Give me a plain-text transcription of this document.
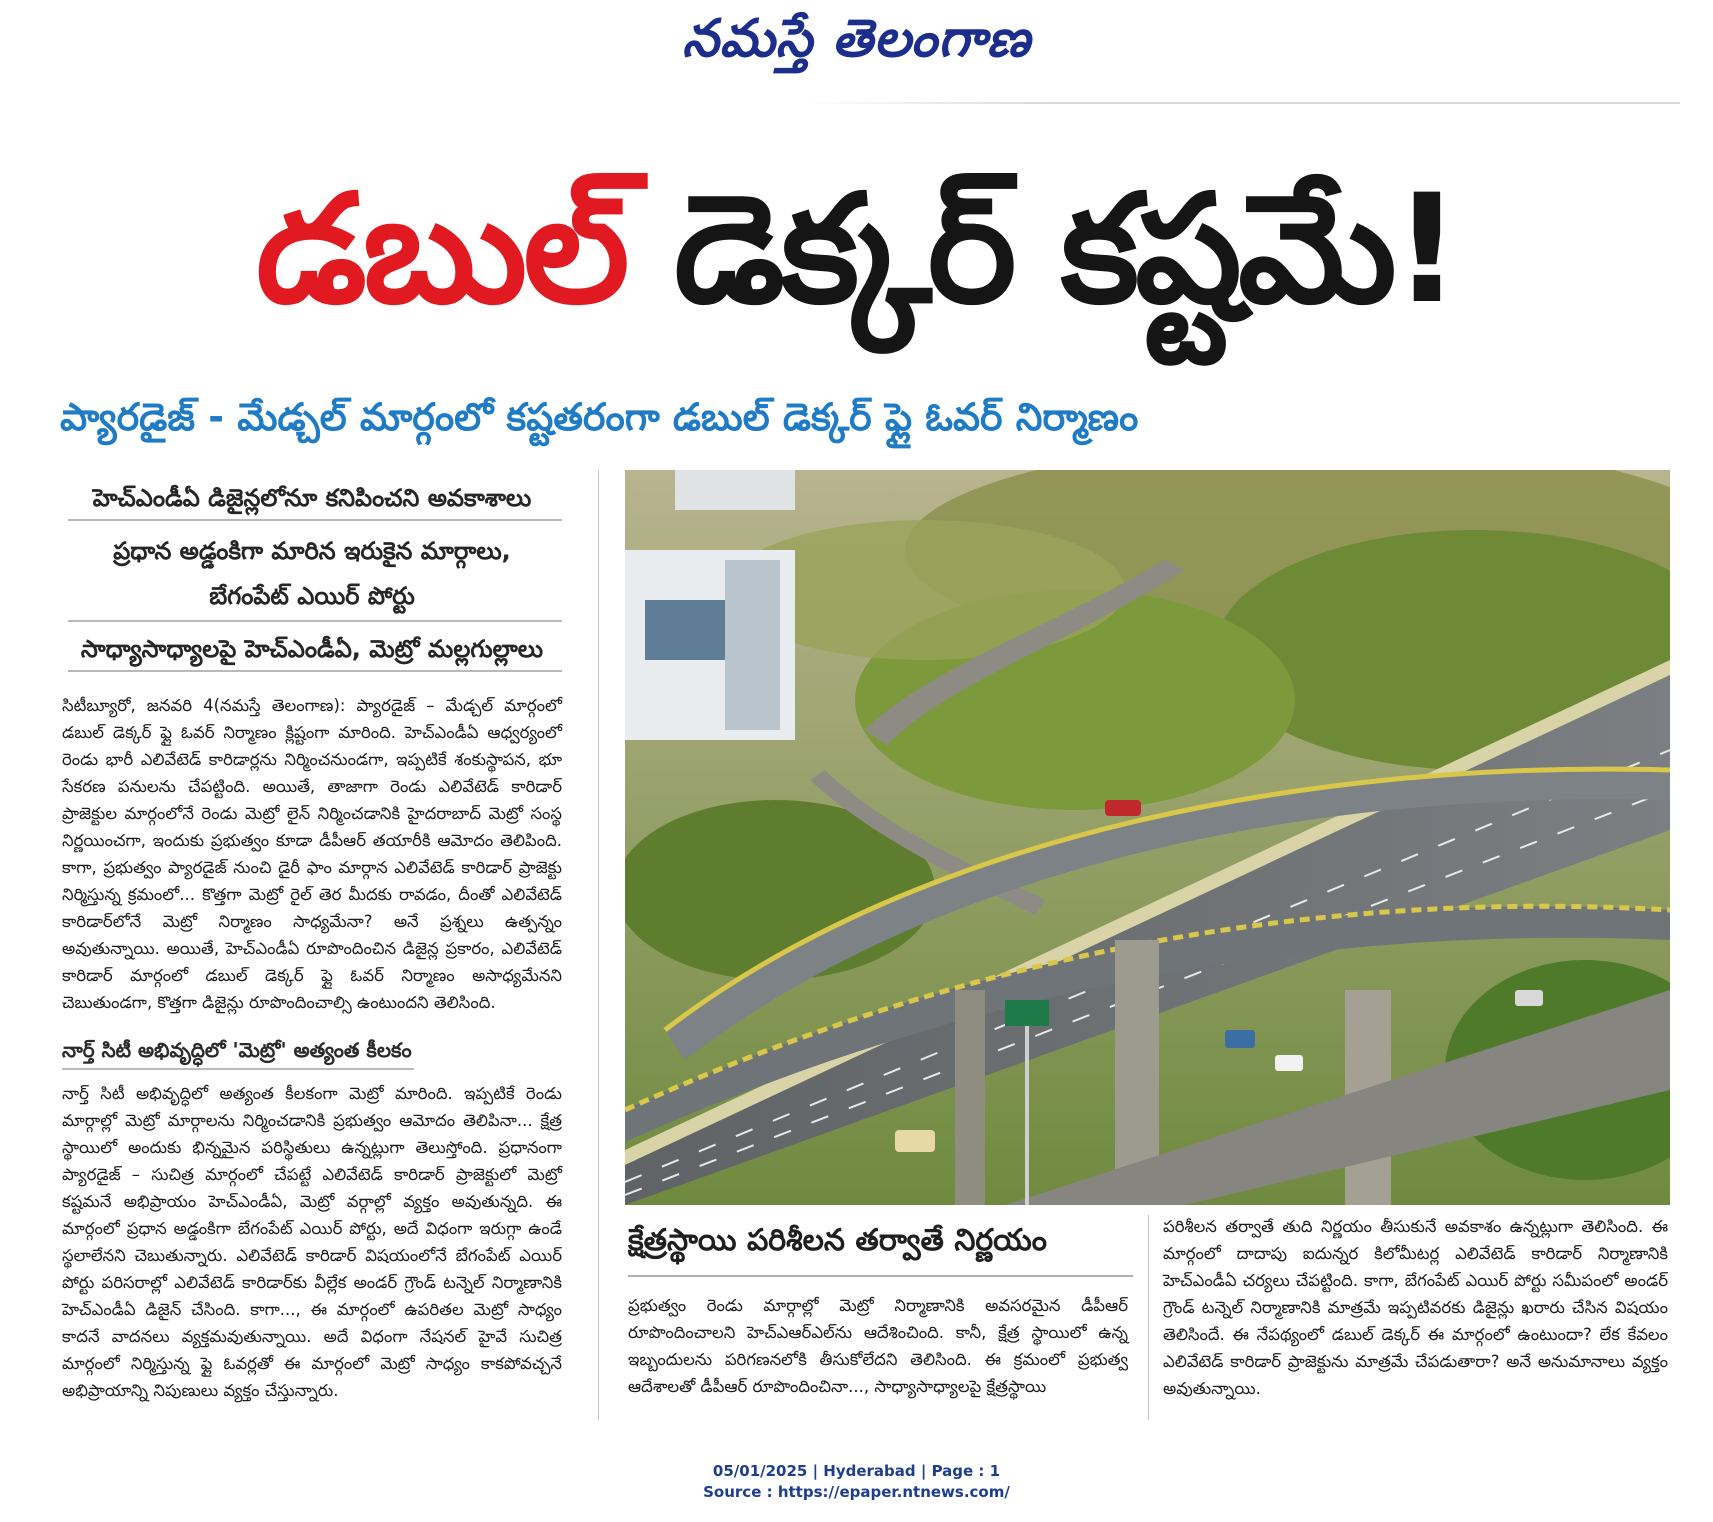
నమస్తే తెలంగాణ
డబుల్ డెక్కర్ కష్టమే!
ప్యారడైజ్ - మేడ్చల్ మార్గంలో కష్టతరంగా డబుల్ డెక్కర్ ఫ్లై ఓవర్ నిర్మాణం
హెచ్‌ఎండీఏ డిజైన్లలోనూ కనిపించని అవకాశాలు
ప్రధాన అడ్డంకిగా మారిన ఇరుకైన మార్గాలు,
బేగంపేట్ ఎయిర్ పోర్టు
సాధ్యాసాధ్యాలపై హెచ్‌ఎండీఏ, మెట్రో మల్లగుల్లాలు

సిటీబ్యూరో, జనవరి 4(నమస్తే తెలంగాణ): ప్యారడైజ్ – మేడ్చల్ మార్గంలో డబుల్ డెక్కర్ ఫ్లై ఓవర్ నిర్మాణం క్లిష్టంగా మారింది. హెచ్‌ఎండీఏ ఆధ్వర్యంలో రెండు భారీ ఎలివేటెడ్ కారిడార్లను నిర్మించనుండగా, ఇప్పటికే శంకుస్థాపన, భూ సేకరణ పనులను చేపట్టింది. అయితే, తాజాగా రెండు ఎలివేటెడ్ కారిడార్ ప్రాజెక్టుల మార్గంలోనే రెండు మెట్రో లైన్ నిర్మించడానికి హైదరాబాద్ మెట్రో సంస్థ నిర్ణయించగా, ఇందుకు ప్రభుత్వం కూడా డీపీఆర్ తయారీకి ఆమోదం తెలిపింది. కాగా, ప్రభుత్వం ప్యారడైజ్ నుంచి డైరీ ఫాం మార్గాన ఎలివేటెడ్ కారిడార్ ప్రాజెక్టు నిర్మిస్తున్న క్రమంలో... కొత్తగా మెట్రో రైల్ తెర మీదకు రావడం, దీంతో ఎలివేటెడ్ కారిడార్‌లోనే మెట్రో నిర్మాణం సాధ్యమేనా? అనే ప్రశ్నలు ఉత్పన్నం అవుతున్నాయి. అయితే, హెచ్‌ఎండీఏ రూపొందించిన డిజైన్ల ప్రకారం, ఎలివేటెడ్ కారిడార్ మార్గంలో డబుల్ డెక్కర్ ఫ్లై ఓవర్ నిర్మాణం అసాధ్యమేనని చెబుతుండగా, కొత్తగా డిజైన్లు రూపొందించాల్సి ఉంటుందని తెలిసింది.

నార్త్ సిటీ అభివృద్ధిలో 'మెట్రో' అత్యంత కీలకం

నార్త్ సిటీ అభివృద్ధిలో అత్యంత కీలకంగా మెట్రో మారింది. ఇప్పటికే రెండు మార్గాల్లో మెట్రో మార్గాలను నిర్మించడానికి ప్రభుత్వం ఆమోదం తెలిపినా... క్షేత్ర స్థాయిలో అందుకు భిన్నమైన పరిస్థితులు ఉన్నట్లుగా తెలుస్తోంది. ప్రధానంగా ప్యారడైజ్ – సుచిత్ర మార్గంలో చేపట్టే ఎలివేటెడ్ కారిడార్ ప్రాజెక్టులో మెట్రో కష్టమనే అభిప్రాయం హెచ్‌ఎండీఏ, మెట్రో వర్గాల్లో వ్యక్తం అవుతున్నది. ఈ మార్గంలో ప్రధాన అడ్డంకిగా బేగంపేట్ ఎయిర్ పోర్టు, అదే విధంగా ఇరుగ్గా ఉండే స్థలాలేనని చెబుతున్నారు. ఎలివేటెడ్ కారిడార్ విషయంలోనే బేగంపేట్ ఎయిర్ పోర్టు పరిసరాల్లో ఎలివేటెడ్ కారిడార్‌కు వీల్లేక అండర్ గ్రౌండ్ టన్నెల్ నిర్మాణానికి హెచ్‌ఎండీఏ డిజైన్ చేసింది. కాగా..., ఈ మార్గంలో ఉపరితల మెట్రో సాధ్యం కాదనే వాదనలు వ్యక్తమవుతున్నాయి. అదే విధంగా నేషనల్ హైవే సుచిత్ర మార్గంలో నిర్మిస్తున్న ఫ్లై ఓవర్లతో ఈ మార్గంలో మెట్రో సాధ్యం కాకపోవచ్చనే అభిప్రాయాన్ని నిపుణులు వ్యక్తం చేస్తున్నారు.

క్షేత్రస్థాయి పరిశీలన తర్వాతే నిర్ణయం

ప్రభుత్వం రెండు మార్గాల్లో మెట్రో నిర్మాణానికి అవసరమైన డీపీఆర్ రూపొందించాలని హెచ్‌ఎఆర్‌ఎల్‌ను ఆదేశించింది. కానీ, క్షేత్ర స్థాయిలో ఉన్న ఇబ్బందులను పరిగణనలోకి తీసుకోలేదని తెలిసింది. ఈ క్రమంలో ప్రభుత్వ ఆదేశాలతో డీపీఆర్ రూపొందించినా..., సాధ్యాసాధ్యాలపై క్షేత్రస్థాయి

పరిశీలన తర్వాతే తుది నిర్ణయం తీసుకునే అవకాశం ఉన్నట్లుగా తెలిసింది. ఈ మార్గంలో దాదాపు ఐదున్నర కిలోమీటర్ల ఎలివేటెడ్ కారిడార్ నిర్మాణానికి హెచ్‌ఎండీఏ చర్యలు చేపట్టింది. కాగా, బేగంపేట్ ఎయిర్ పోర్టు సమీపంలో అండర్ గ్రౌండ్ టన్నెల్ నిర్మాణానికి మాత్రమే ఇప్పటివరకు డిజైన్లు ఖరారు చేసిన విషయం తెలిసిందే. ఈ నేపథ్యంలో డబుల్ డెక్కర్ ఈ మార్గంలో ఉంటుందా? లేక కేవలం ఎలివేటెడ్ కారిడార్ ప్రాజెక్టును మాత్రమే చేపడుతారా? అనే అనుమానాలు వ్యక్తం అవుతున్నాయి.

05/01/2025 | Hyderabad | Page : 1
Source : https://epaper.ntnews.com/
